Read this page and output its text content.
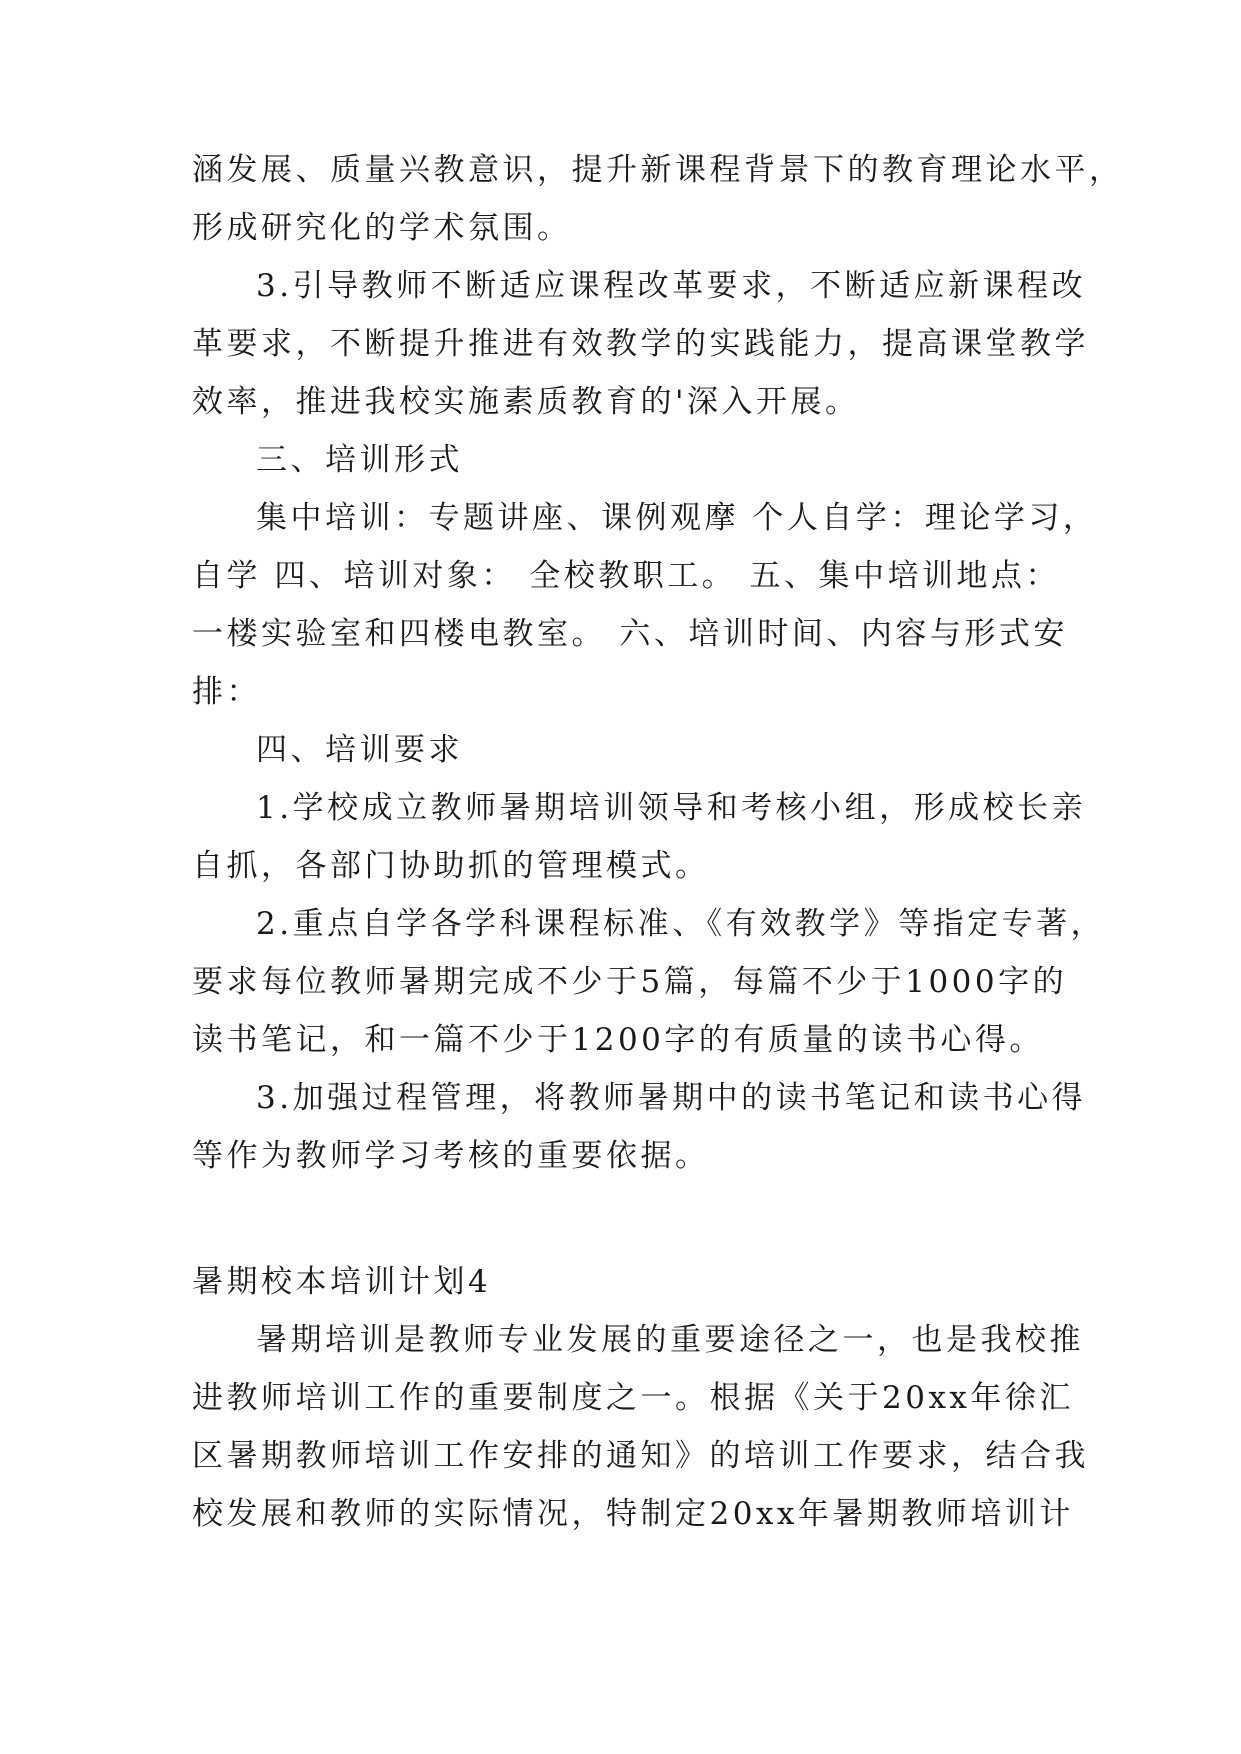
涵发展、质量兴教意识，提升新课程背景下的教育理论水平，
形成研究化的学术氛围。
3.引导教师不断适应课程改革要求，不断适应新课程改
革要求，不断提升推进有效教学的实践能力，提高课堂教学
效率，推进我校实施素质教育的'深入开展。
三、培训形式
集中培训：专题讲座、课例观摩 个人自学：理论学习，
自学 四、培训对象： 全校教职工。 五、集中培训地点：
一楼实验室和四楼电教室。 六、培训时间、内容与形式安
排：
四、培训要求
1.学校成立教师暑期培训领导和考核小组，形成校长亲
自抓，各部门协助抓的管理模式。
2.重点自学各学科课程标准、《有效教学》等指定专著，
要求每位教师暑期完成不少于5篇，每篇不少于1000字的
读书笔记，和一篇不少于1200字的有质量的读书心得。
3.加强过程管理，将教师暑期中的读书笔记和读书心得
等作为教师学习考核的重要依据。
暑期校本培训计划4
暑期培训是教师专业发展的重要途径之一，也是我校推
进教师培训工作的重要制度之一。根据《关于20xx年徐汇
区暑期教师培训工作安排的通知》的培训工作要求，结合我
校发展和教师的实际情况，特制定20xx年暑期教师培训计
